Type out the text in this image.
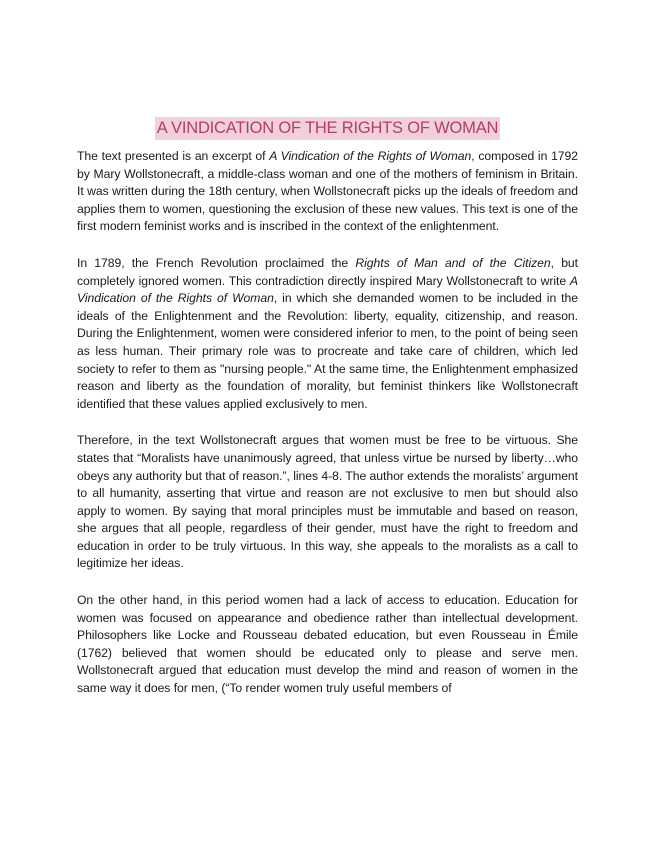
A VINDICATION OF THE RIGHTS OF WOMAN

The text presented is an excerpt of A Vindication of the Rights of Woman, composed in 1792 by Mary Wollstonecraft, a middle-class woman and one of the mothers of feminism in Britain. It was written during the 18th century, when Wollstonecraft picks up the ideals of freedom and applies them to women, questioning the exclusion of these new values. This text is one of the first modern feminist works and is inscribed in the context of the enlightenment.

In 1789, the French Revolution proclaimed the Rights of Man and of the Citizen, but completely ignored women. This contradiction directly inspired Mary Wollstonecraft to write A Vindication of the Rights of Woman, in which she demanded women to be included in the ideals of the Enlightenment and the Revolution: liberty, equality, citizenship, and reason. During the Enlightenment, women were considered inferior to men, to the point of being seen as less human. Their primary role was to procreate and take care of children, which led society to refer to them as "nursing people." At the same time, the Enlightenment emphasized reason and liberty as the foundation of morality, but feminist thinkers like Wollstonecraft identified that these values applied exclusively to men.

Therefore, in the text Wollstonecraft argues that women must be free to be virtuous. She states that “Moralists have unanimously agreed, that unless virtue be nursed by liberty…who obeys any authority but that of reason.”, lines 4-8. The author extends the moralists’ argument to all humanity, asserting that virtue and reason are not exclusive to men but should also apply to women. By saying that moral principles must be immutable and based on reason, she argues that all people, regardless of their gender, must have the right to freedom and education in order to be truly virtuous. In this way, she appeals to the moralists as a call to legitimize her ideas.

On the other hand, in this period women had a lack of access to education. Education for women was focused on appearance and obedience rather than intellectual development. Philosophers like Locke and Rousseau debated education, but even Rousseau in Émile (1762) believed that women should be educated only to please and serve men. Wollstonecraft argued that education must develop the mind and reason of women in the same way it does for men, (“To render women truly useful members of
